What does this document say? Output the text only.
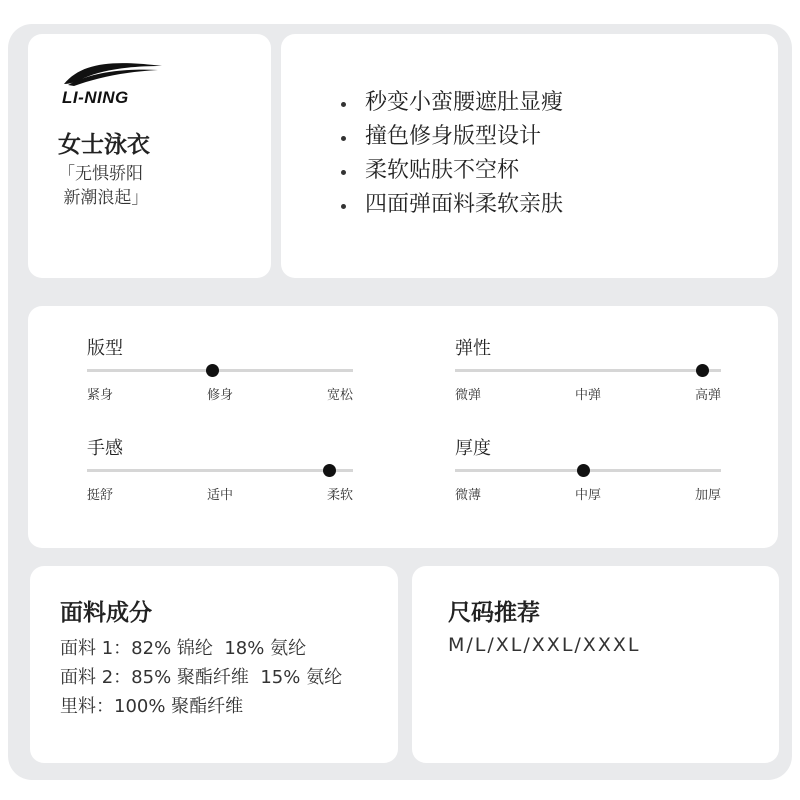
LI-NING
女士泳衣
「无惧骄阳
新潮浪起」
秒变小蛮腰遮肚显瘦
撞色修身版型设计
柔软贴肤不空杯
四面弹面料柔软亲肤
版型
紧身	修身	宽松
弹性
微弹	中弹	高弹
手感
挺舒	适中	柔软
厚度
微薄	中厚	加厚
面料成分
面料 1：82% 锦纶  18% 氨纶
面料 2：85% 聚酯纤维  15% 氨纶
里料：100% 聚酯纤维
尺码推荐
M/L/XL/XXL/XXXL
